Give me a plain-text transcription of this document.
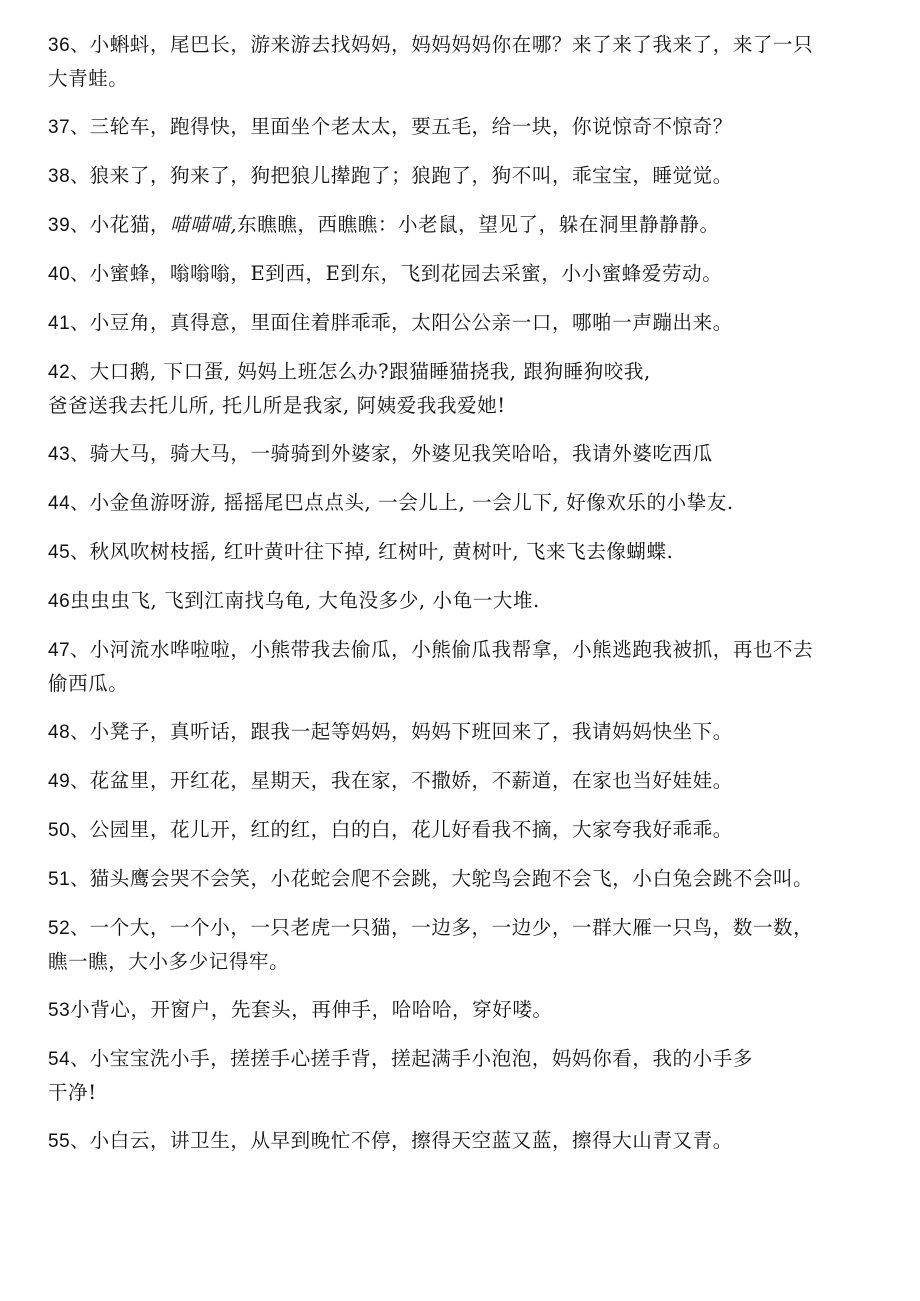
36、小蝌蚪，尾巴长，游来游去找妈妈，妈妈妈妈你在哪？来了来了我来了，来了一只
大青蛙。
37、三轮车，跑得快，里面坐个老太太，要五毛，给一块，你说惊奇不惊奇？
38、狼来了，狗来了，狗把狼儿撵跑了；狼跑了，狗不叫，乖宝宝，睡觉觉。
39、小花猫，喵喵喵,东瞧瞧，西瞧瞧：小老鼠，望见了，躲在洞里静静静。
40、小蜜蜂，嗡嗡嗡，E到西，E到东，飞到花园去采蜜，小小蜜蜂爱劳动。
41、小豆角，真得意，里面住着胖乖乖，太阳公公亲一口，哪啪一声蹦出来。
42、大口鹅, 下口蛋, 妈妈上班怎么办?跟猫睡猫挠我, 跟狗睡狗咬我,
爸爸送我去托儿所, 托儿所是我家, 阿姨爱我我爱她!
43、骑大马，骑大马，一骑骑到外婆家，外婆见我笑哈哈，我请外婆吃西瓜
44、小金鱼游呀游, 摇摇尾巴点点头, 一会儿上, 一会儿下, 好像欢乐的小挚友.
45、秋风吹树枝摇, 红叶黄叶往下掉, 红树叶, 黄树叶, 飞来飞去像蝴蝶.
46虫虫虫飞, 飞到江南找乌龟, 大龟没多少, 小龟一大堆.
47、小河流水哗啦啦，小熊带我去偷瓜，小熊偷瓜我帮拿，小熊逃跑我被抓，再也不去
偷西瓜。
48、小凳子，真听话，跟我一起等妈妈，妈妈下班回来了，我请妈妈快坐下。
49、花盆里，开红花，星期天，我在家，不撒娇，不薪道，在家也当好娃娃。
50、公园里，花儿开，红的红，白的白，花儿好看我不摘，大家夸我好乖乖。
51、猫头鹰会哭不会笑，小花蛇会爬不会跳，大鸵鸟会跑不会飞，小白兔会跳不会叫。
52、一个大，一个小，一只老虎一只猫，一边多，一边少，一群大雁一只鸟，数一数，
瞧一瞧，大小多少记得牢。
53小背心，开窗户，先套头，再伸手，哈哈哈，穿好喽。
54、小宝宝洗小手，搓搓手心搓手背，搓起满手小泡泡，妈妈你看，我的小手多
干净!
55、小白云，讲卫生，从早到晚忙不停，擦得天空蓝又蓝，擦得大山青又青。
